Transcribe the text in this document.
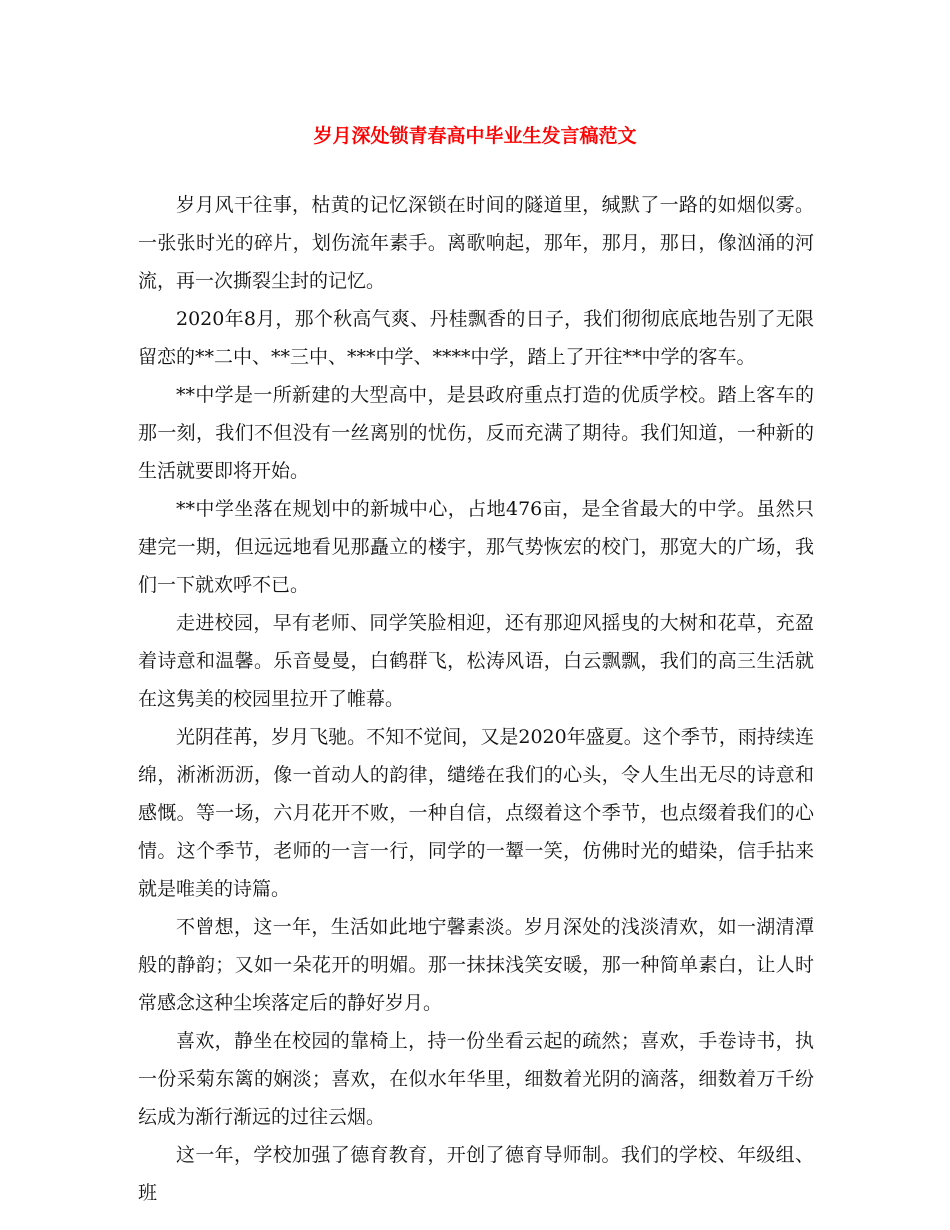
岁月深处锁青春高中毕业生发言稿范文

岁月风干往事，枯黄的记忆深锁在时间的隧道里，缄默了一路的如烟似雾。一张张时光的碎片，划伤流年素手。离歌响起，那年，那月，那日，像汹涌的河流，再一次撕裂尘封的记忆。

2020年8月，那个秋高气爽、丹桂飘香的日子，我们彻彻底底地告别了无限留恋的**二中、**三中、***中学、****中学，踏上了开往**中学的客车。

**中学是一所新建的大型高中，是县政府重点打造的优质学校。踏上客车的那一刻，我们不但没有一丝离别的忧伤，反而充满了期待。我们知道，一种新的生活就要即将开始。

**中学坐落在规划中的新城中心，占地476亩，是全省最大的中学。虽然只建完一期，但远远地看见那矗立的楼宇，那气势恢宏的校门，那宽大的广场，我们一下就欢呼不已。

走进校园，早有老师、同学笑脸相迎，还有那迎风摇曳的大树和花草，充盈着诗意和温馨。乐音曼曼，白鹤群飞，松涛风语，白云飘飘，我们的高三生活就在这隽美的校园里拉开了帷幕。

光阴荏苒，岁月飞驰。不知不觉间，又是2020年盛夏。这个季节，雨持续连绵，淅淅沥沥，像一首动人的韵律，缱绻在我们的心头，令人生出无尽的诗意和感慨。等一场，六月花开不败，一种自信，点缀着这个季节，也点缀着我们的心情。这个季节，老师的一言一行，同学的一颦一笑，仿佛时光的蜡染，信手拈来就是唯美的诗篇。

不曾想，这一年，生活如此地宁馨素淡。岁月深处的浅淡清欢，如一湖清潭般的静韵；又如一朵花开的明媚。那一抹抹浅笑安暖，那一种简单素白，让人时常感念这种尘埃落定后的静好岁月。

喜欢，静坐在校园的靠椅上，持一份坐看云起的疏然；喜欢，手卷诗书，执一份采菊东篱的娴淡；喜欢，在似水年华里，细数着光阴的滴落，细数着万千纷纭成为渐行渐远的过往云烟。

这一年，学校加强了德育教育，开创了德育导师制。我们的学校、年级组、班
